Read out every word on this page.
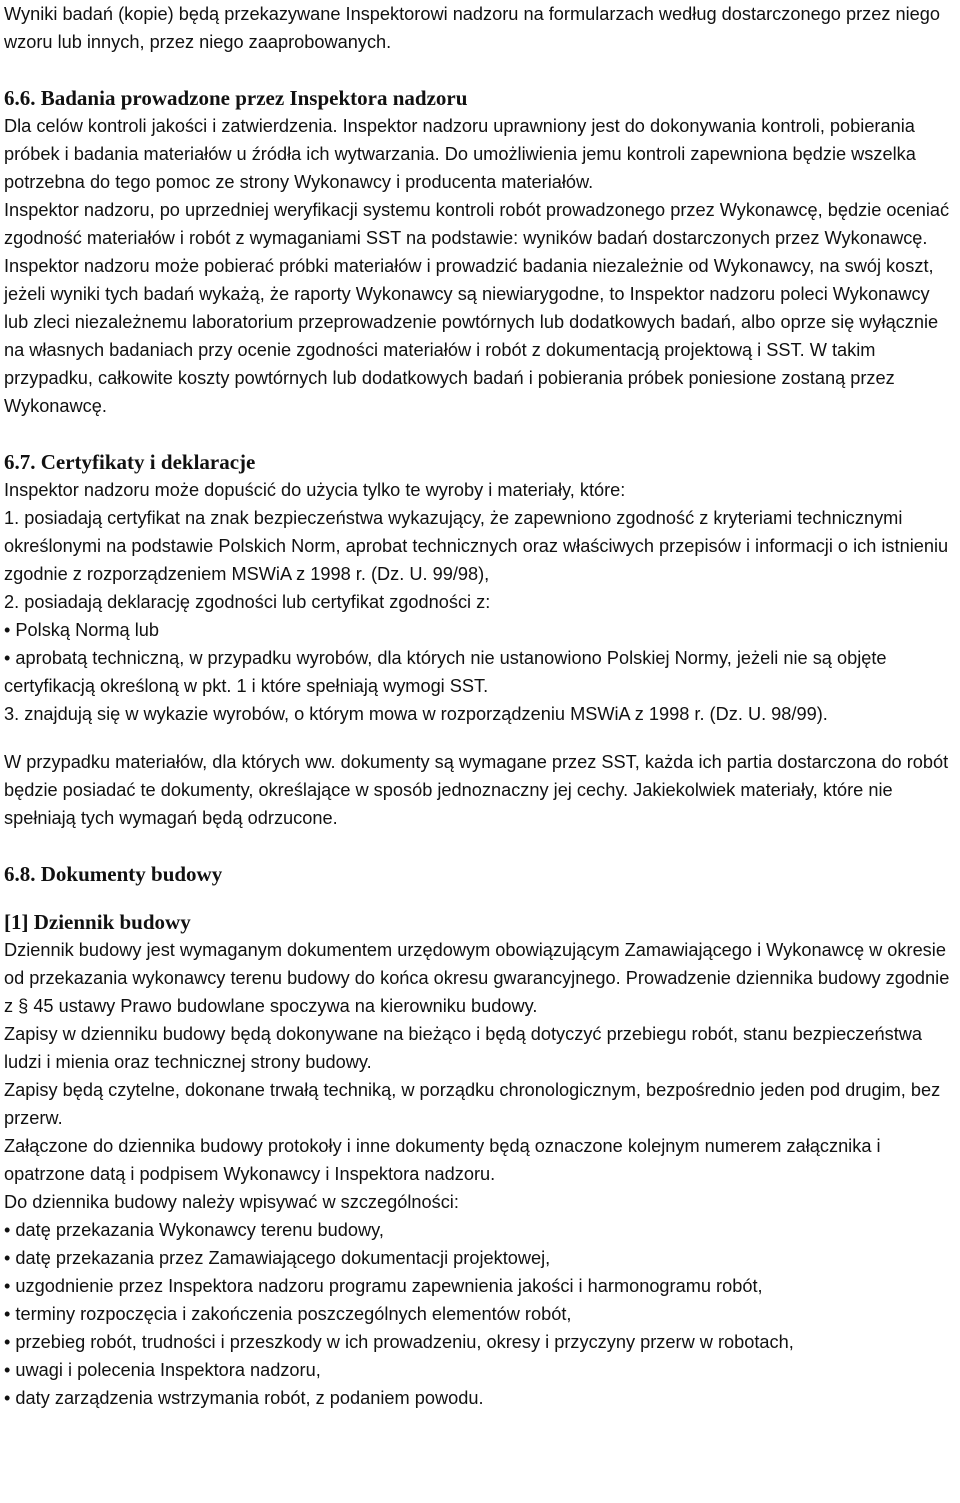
Wyniki badań (kopie) będą przekazywane Inspektorowi nadzoru na formularzach według dostarczonego przez niego wzoru lub innych, przez niego zaaprobowanych.

6.6. Badania prowadzone przez Inspektora nadzoru

Dla celów kontroli jakości i zatwierdzenia. Inspektor nadzoru uprawniony jest do dokonywania kontroli, pobierania próbek i badania materiałów u źródła ich wytwarzania. Do umożliwienia jemu kontroli zapewniona będzie wszelka potrzebna do tego pomoc ze strony Wykonawcy i producenta materiałów.

Inspektor nadzoru, po uprzedniej weryfikacji systemu kontroli robót prowadzonego przez Wykonawcę, będzie oceniać zgodność materiałów i robót z wymaganiami SST na podstawie: wyników badań dostarczonych przez Wykonawcę.

Inspektor nadzoru może pobierać próbki materiałów i prowadzić badania niezależnie od Wykonawcy, na swój koszt, jeżeli wyniki tych badań wykażą, że raporty Wykonawcy są niewiarygodne, to Inspektor nadzoru poleci Wykonawcy lub zleci niezależnemu laboratorium przeprowadzenie powtórnych lub dodatkowych badań, albo oprze się wyłącznie na własnych badaniach przy ocenie zgodności materiałów i robót z dokumentacją projektową i SST. W takim przypadku, całkowite koszty powtórnych lub dodatkowych badań i pobierania próbek poniesione zostaną przez Wykonawcę.

6.7. Certyfikaty i deklaracje

Inspektor nadzoru może dopuścić do użycia tylko te wyroby i materiały, które:

1. posiadają certyfikat na znak bezpieczeństwa wykazujący, że zapewniono zgodność z kryteriami technicznymi określonymi na podstawie Polskich Norm, aprobat technicznych oraz właściwych przepisów i informacji o ich istnieniu zgodnie z rozporządzeniem MSWiA z 1998 r. (Dz. U. 99/98),

2. posiadają deklarację zgodności lub certyfikat zgodności z:

• Polską Normą lub

• aprobatą techniczną, w przypadku wyrobów, dla których nie ustanowiono Polskiej Normy, jeżeli nie są objęte certyfikacją określoną w pkt. 1 i które spełniają wymogi SST.

3. znajdują się w wykazie wyrobów, o którym mowa w rozporządzeniu MSWiA z 1998 r. (Dz. U. 98/99).

W przypadku materiałów, dla których ww. dokumenty są wymagane przez SST, każda ich partia dostarczona do robót będzie posiadać te dokumenty, określające w sposób jednoznaczny jej cechy. Jakiekolwiek materiały, które nie spełniają tych wymagań będą odrzucone.

6.8. Dokumenty budowy
[1] Dziennik budowy

Dziennik budowy jest wymaganym dokumentem urzędowym obowiązującym Zamawiającego i Wykonawcę w okresie od przekazania wykonawcy terenu budowy do końca okresu gwarancyjnego. Prowadzenie dziennika budowy zgodnie z § 45 ustawy Prawo budowlane spoczywa na kierowniku budowy.

Zapisy w dzienniku budowy będą dokonywane na bieżąco i będą dotyczyć przebiegu robót, stanu bezpieczeństwa ludzi i mienia oraz technicznej strony budowy.

Zapisy będą czytelne, dokonane trwałą techniką, w porządku chronologicznym, bezpośrednio jeden pod drugim, bez przerw.

Załączone do dziennika budowy protokoły i inne dokumenty będą oznaczone kolejnym numerem załącznika i opatrzone datą i podpisem Wykonawcy i Inspektora nadzoru.

Do dziennika budowy należy wpisywać w szczególności:

• datę przekazania Wykonawcy terenu budowy,

• datę przekazania przez Zamawiającego dokumentacji projektowej,

• uzgodnienie przez Inspektora nadzoru programu zapewnienia jakości i harmonogramu robót,

• terminy rozpoczęcia i zakończenia poszczególnych elementów robót,

• przebieg robót, trudności i przeszkody w ich prowadzeniu, okresy i przyczyny przerw w robotach,

• uwagi i polecenia Inspektora nadzoru,

• daty zarządzenia wstrzymania robót, z podaniem powodu.
